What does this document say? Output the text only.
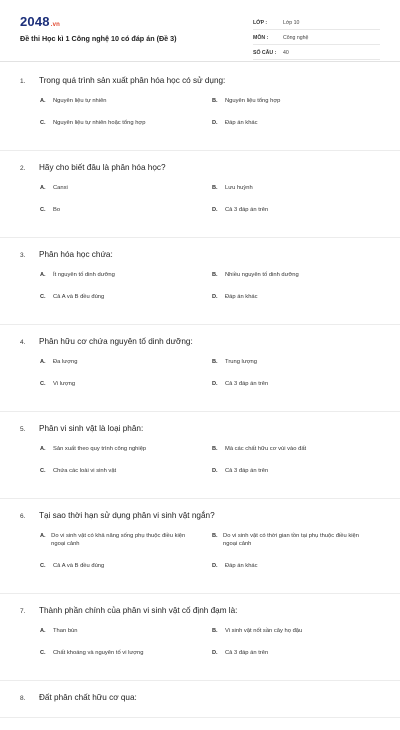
2048.vn
Đề thi Học kì 1 Công nghệ 10 có đáp án (Đề 3)
LỚP :	Lớp 10
MÔN :	Công nghệ
SỐ CÂU :	40
1.	Trong quá trình sản xuất phân hóa học có sử dụng:
A.	Nguyên liệu tự nhiên	B.	Nguyên liệu tổng hợp
C.	Nguyên liệu tự nhiên hoặc tổng hợp	D.	Đáp án khác
2.	Hãy cho biết đâu là phân hóa học?
A.	Canxi	B.	Lưu huỳnh
C.	Bo	D.	Cả 3 đáp án trên
3.	Phân hóa học chứa:
A.	Ít nguyên tố dinh dưỡng	B.	Nhiều nguyên tố dinh dưỡng
C.	Cả A và B đều đúng	D.	Đáp án khác
4.	Phân hữu cơ chứa nguyên tố dinh dưỡng:
A.	Đa lượng	B.	Trung lượng
C.	Vi lượng	D.	Cả 3 đáp án trên
5.	Phân vi sinh vật là loại phân:
A.	Sản xuất theo quy trình công nghiệp	B.	Mà các chất hữu cơ vùi vào đất
C.	Chứa các loài vi sinh vật	D.	Cả 3 đáp án trên
6.	Tại sao thời hạn sử dụng phân vi sinh vật ngắn?
A. Do vi sinh vật có khả năng sống phụ thuộc điều kiện ngoại cảnh
B. Do vi sinh vật có thời gian tồn tại phụ thuộc điều kiện ngoại cảnh
C.	Cả A và B đều đúng	D.	Đáp án khác
7.	Thành phần chính của phân vi sinh vật cố định đạm là:
A.	Than bùn	B.	Vi sinh vật nốt sần cây họ đậu
C.	Chất khoáng và nguyên tố vi lượng	D.	Cả 3 đáp án trên
8.	Đất phân chất hữu cơ qua:
